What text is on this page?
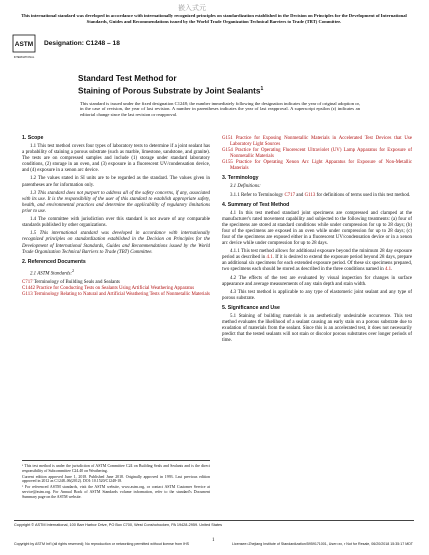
嵌入式元
This international standard was developed in accordance with internationally recognized principles on standardization established in the Decision on Principles for the Development of International Standards, Guides and Recommendations issued by the World Trade Organization Technical Barriers to Trade (TBT) Committee.
ASTM
INTERNATIONAL
Designation: C1248 – 18
Standard Test Method for
Staining of Porous Substrate by Joint Sealants$^1$
This standard is issued under the fixed designation C1248; the number immediately following the designation indicates the year of original adoption or, in the case of revision, the year of last revision. A number in parentheses indicates the year of last reapproval. A superscript epsilon (ε) indicates an editorial change since the last revision or reapproval.
1. Scope

1.1 This test method covers four types of laboratory tests to determine if a joint sealant has a probability of staining a porous substrate (such as marble, limestone, sandstone, and granite). The tests are on compressed samples and include (1) storage under standard laboratory conditions, (2) storage in an oven, and (3) exposure in a fluorescent UV/condensation device, and (4) exposure in a xenon arc device.

1.2 The values stated in SI units are to be regarded as the standard. The values given in parentheses are for information only.

1.3 This standard does not purport to address all of the safety concerns, if any, associated with its use. It is the responsibility of the user of this standard to establish appropriate safety, health, and environmental practices and determine the applicability of regulatory limitations prior to use.

1.4 The committee with jurisdiction over this standard is not aware of any comparable standards published by other organizations.

1.5 This international standard was developed in accordance with internationally recognized principles on standardization established in the Decision on Principles for the Development of International Standards, Guides and Recommendations issued by the World Trade Organization Technical Barriers to Trade (TBT) Committee.

2. Referenced Documents

2.1 ASTM Standards:$^2$

C717 Terminology of Building Seals and Sealants

C1442 Practice for Conducting Tests on Sealants Using Artificial Weathering Apparatus

G113 Terminology Relating to Natural and Artificial Weathering Tests of Nonmetallic Materials

¹ This test method is under the jurisdiction of ASTM Committee C24 on Building Seals and Sealants and is the direct responsibility of Subcommittee C24.40 on Weathering.

Current edition approved June 1, 2018. Published June 2018. Originally approved in 1993. Last previous edition approved in 2012 as C1248–06(2012). DOI: 10.1520/C1248-18.

² For referenced ASTM standards, visit the ASTM website, www.astm.org, or contact ASTM Customer Service at service@astm.org. For Annual Book of ASTM Standards volume information, refer to the standard's Document Summary page on the ASTM website.

G151 Practice for Exposing Nonmetallic Materials in Accelerated Test Devices that Use Laboratory Light Sources

G154 Practice for Operating Fluorescent Ultraviolet (UV) Lamp Apparatus for Exposure of Nonmetallic Materials

G155 Practice for Operating Xenon Arc Light Apparatus for Exposure of Non-Metallic Materials

3. Terminology

3.1 Definitions:

3.1.1 Refer to Terminology C717 and G113 for definitions of terms used in this test method.

4. Summary of Test Method

4.1 In this test method standard joint specimens are compressed and clamped at the manufacturer's rated movement capability and subjected to the following treatments: (a) four of the specimens are stored at standard conditions while under compression for up to 28 days; (b) four of the specimens are exposed in an oven while under compression for up to 28 days; (c) four of the specimens are exposed either in a fluorescent UV/condensation device or in a xenon arc device while under compression for up to 28 days.

4.1.1 This test method allows for additional exposure beyond the minimum 28 day exposure period as described in 4.1. If it is desired to extend the exposure period beyond 28 days, prepare an additional six specimens for each extended exposure period. Of these six specimens prepared, two specimens each should be stored as described in the three conditions named in 4.1.

4.2 The effects of the test are evaluated by visual inspection for changes in surface appearance and average measurements of any stain depth and stain width.

4.3 This test method is applicable to any type of elastomeric joint sealant and any type of porous substrate.

5. Significance and Use

5.1 Staining of building materials is an aesthetically undesirable occurrence. This test method evaluates the likelihood of a sealant causing an early stain on a porous substrate due to exudation of materials from the sealant. Since this is an accelerated test, it does not necessarily predict that the tested sealants will not stain or discolor porous substrates over longer periods of time.

Copyright © ASTM International, 100 Barr Harbor Drive, PO Box C700, West Conshohocken, PA 19428-2959. United States
1
Copyright by ASTM Int'l (all rights reserved); No reproduction or networking permitted without license from IHS	Licensee=Zhejiang Institute of Standardization/5959171001, User=xx, r Not for Resale, 06/20/2018 15:35:17 MDT
